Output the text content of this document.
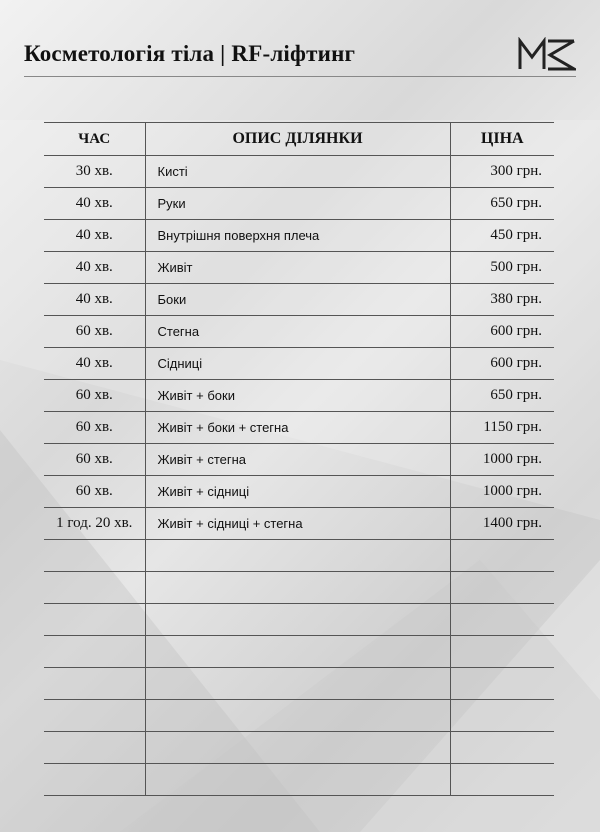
Косметологія тіла | RF-ліфтинг
ЧАС	ОПИС ДІЛЯНКИ	ЦІНА
30 хв.	Кисті	300 грн.
40 хв.	Руки	650 грн.
40 хв.	Внутрішня поверхня плеча	450 грн.
40 хв.	Живіт	500 грн.
40 хв.	Боки	380 грн.
60 хв.	Стегна	600 грн.
40 хв.	Сідниці	600 грн.
60 хв.	Живіт + боки	650 грн.
60 хв.	Живіт + боки + стегна	1150 грн.
60 хв.	Живіт + стегна	1000 грн.
60 хв.	Живіт + сідниці	1000 грн.
1 год. 20 хв.	Живіт + сідниці + стегна	1400 грн.
